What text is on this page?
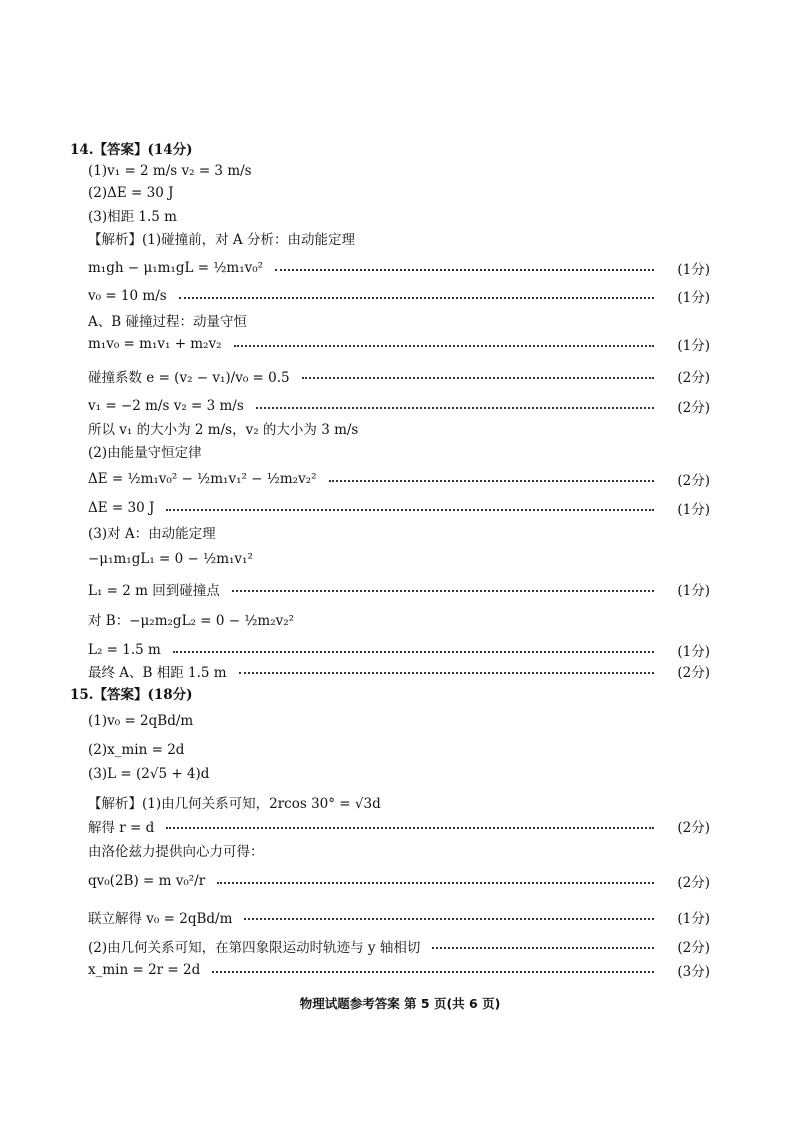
14.【答案】(14分)
(1)v₁ = 2 m/s v₂ = 3 m/s
(2)ΔE = 30 J
(3)相距 1.5 m
【解析】(1)碰撞前，对 A 分析：由动能定理
m₁gh − μ₁m₁gL = ½m₁v₀²	(1分)
v₀ = 10 m/s	(1分)
A、B 碰撞过程：动量守恒
m₁v₀ = m₁v₁ + m₂v₂	(1分)
碰撞系数 e = (v₂ − v₁)/v₀ = 0.5	(2分)
v₁ = −2 m/s v₂ = 3 m/s	(2分)
所以 v₁ 的大小为 2 m/s，v₂ 的大小为 3 m/s
(2)由能量守恒定律
ΔE = ½m₁v₀² − ½m₁v₁² − ½m₂v₂²	(2分)
ΔE = 30 J	(1分)
(3)对 A：由动能定理
−μ₁m₁gL₁ = 0 − ½m₁v₁²
L₁ = 2 m 回到碰撞点	(1分)
对 B：−μ₂m₂gL₂ = 0 − ½m₂v₂²
L₂ = 1.5 m	(1分)
最终 A、B 相距 1.5 m	(2分)
15.【答案】(18分)
(1)v₀ = 2qBd/m
(2)x_min = 2d
(3)L = (2√5 + 4)d
【解析】(1)由几何关系可知，2rcos 30° = √3d
解得 r = d	(2分)
由洛伦兹力提供向心力可得：
qv₀(2B) = m v₀²/r	(2分)
联立解得 v₀ = 2qBd/m	(1分)
(2)由几何关系可知，在第四象限运动时轨迹与 y 轴相切	(2分)
x_min = 2r = 2d	(3分)
物理试题参考答案 第 5 页(共 6 页)
